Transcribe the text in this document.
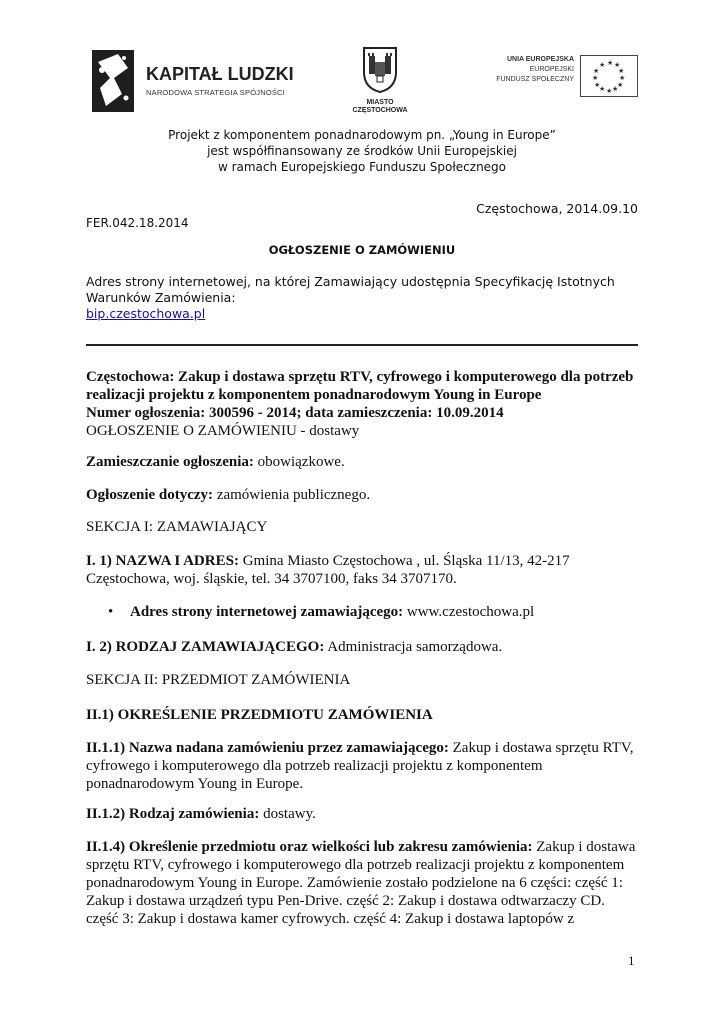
KAPITAŁ LUDZKI
NARODOWA STRATEGIA SPÓJNOŚCI
MIASTO
CZĘSTOCHOWA
UNIA EUROPEJSKA
EUROPEJSKI
FUNDUSZ SPOŁECZNY
★ ★
★
★
★
★
★
★
★
★
★
★
Projekt z komponentem ponadnarodowym pn. „Young in Europe”
jest współfinansowany ze środków Unii Europejskiej
w ramach Europejskiego Funduszu Społecznego
Częstochowa, 2014.09.10
FER.042.18.2014
OGŁOSZENIE O ZAMÓWIENIU
Adres strony internetowej, na której Zamawiający udostępnia Specyfikację Istotnych Warunków Zamówienia:
bip.czestochowa.pl
Częstochowa: Zakup i dostawa sprzętu RTV, cyfrowego i komputerowego dla potrzeb realizacji projektu z komponentem ponadnarodowym Young in Europe
Numer ogłoszenia: 300596 - 2014; data zamieszczenia: 10.09.2014
OGŁOSZENIE O ZAMÓWIENIU - dostawy
Zamieszczanie ogłoszenia: obowiązkowe.
Ogłoszenie dotyczy: zamówienia publicznego.
SEKCJA I: ZAMAWIAJĄCY
I. 1) NAZWA I ADRES: Gmina Miasto Częstochowa , ul. Śląska 11/13, 42-217 Częstochowa, woj. śląskie, tel. 34 3707100, faks 34 3707170.
• Adres strony internetowej zamawiającego: www.czestochowa.pl
I. 2) RODZAJ ZAMAWIAJĄCEGO: Administracja samorządowa.
SEKCJA II: PRZEDMIOT ZAMÓWIENIA
II.1) OKREŚLENIE PRZEDMIOTU ZAMÓWIENIA
II.1.1) Nazwa nadana zamówieniu przez zamawiającego: Zakup i dostawa sprzętu RTV, cyfrowego i komputerowego dla potrzeb realizacji projektu z komponentem ponadnarodowym Young in Europe.
II.1.2) Rodzaj zamówienia: dostawy.
II.1.4) Określenie przedmiotu oraz wielkości lub zakresu zamówienia: Zakup i dostawa sprzętu RTV, cyfrowego i komputerowego dla potrzeb realizacji projektu z komponentem ponadnarodowym Young in Europe. Zamówienie zostało podzielone na 6 części: część 1: Zakup i dostawa urządzeń typu Pen-Drive. część 2: Zakup i dostawa odtwarzaczy CD. część 3: Zakup i dostawa kamer cyfrowych. część 4: Zakup i dostawa laptopów z
1
